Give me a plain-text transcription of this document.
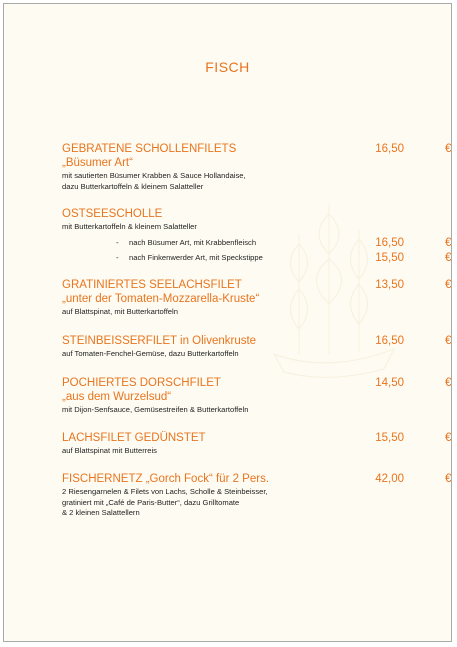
FISCH
GEBRATENE SCHOLLENFILETS
„Büsumer Art“
mit sautierten Büsumer Krabben & Sauce Hollandaise,
dazu Butterkartoffeln & kleinem Salatteller
16,50	€
OSTSEESCHOLLE
mit Butterkartoffeln & kleinem Salatteller
- nach Büsumer Art, mit Krabbenfleisch	16,50	€
- nach Finkenwerder Art, mit Speckstippe	15,50	€
GRATINIERTES SEELACHSFILET
„unter der Tomaten-Mozzarella-Kruste“
auf Blattspinat, mit Butterkartoffeln
13,50	€
STEINBEISSERFILET in Olivenkruste
auf Tomaten-Fenchel-Gemüse, dazu Butterkartoffeln
16,50	€
POCHIERTES DORSCHFILET
„aus dem Wurzelsud“
mit Dijon-Senfsauce, Gemüsestreifen & Butterkartoffeln
14,50	€
LACHSFILET GEDÜNSTET
auf Blattspinat mit Butterreis
15,50	€
FISCHERNETZ „Gorch Fock“ für 2 Pers.
2 Riesengarnelen & Filets von Lachs, Scholle & Steinbeisser,
gratiniert mit „Café de Paris-Butter“, dazu Grilltomate
& 2 kleinen Salattellern
42,00	€
